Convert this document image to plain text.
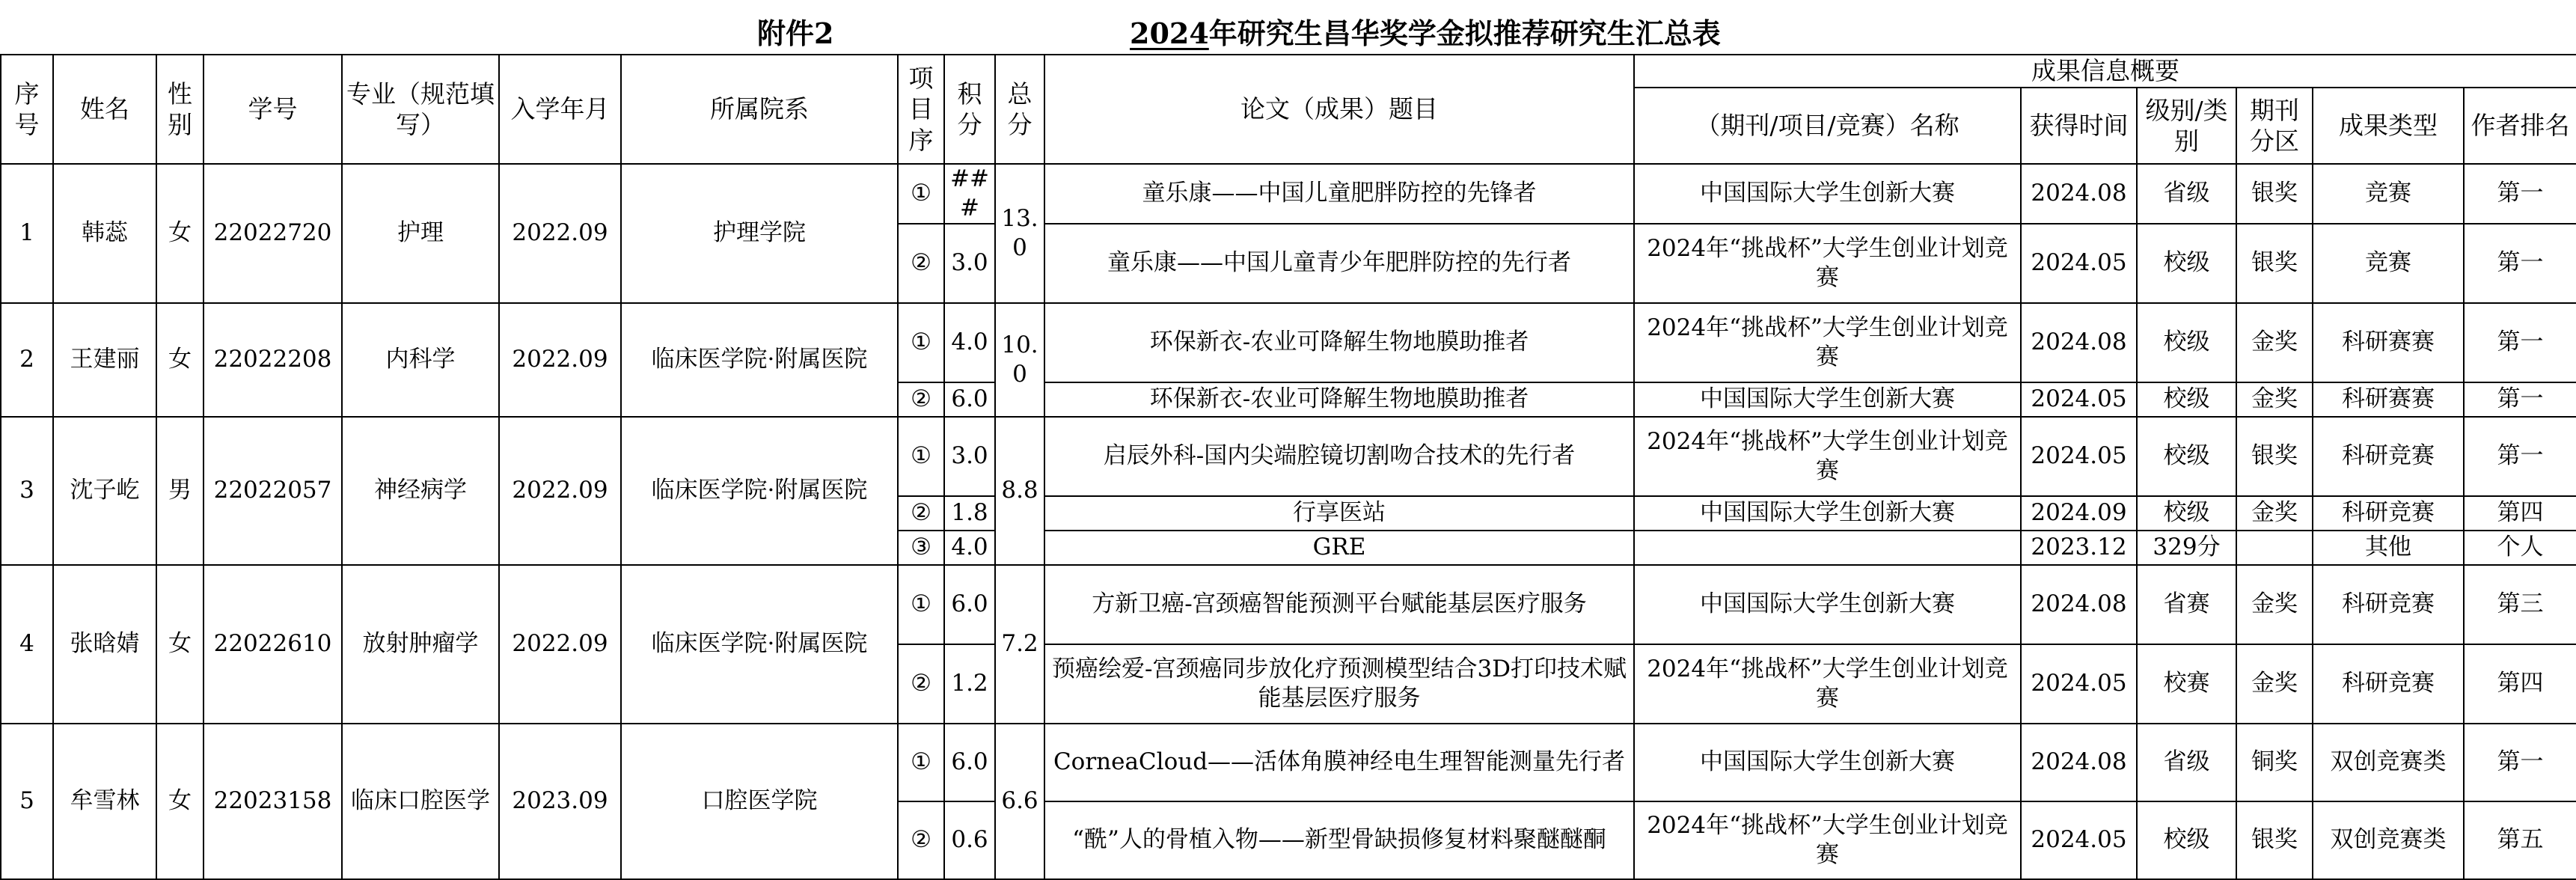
附件2	2024年研究生昌华奖学金拟推荐研究生汇总表
序号	姓名	性别	学号	专业（规范填写）	入学年月	所属院系	项目序	积分	总分	论文（成果）题目	成果信息概要					
											（期刊/项目/竞赛）名称	获得时间	级别/类别	期刊分区	成果类型	作者排名
1	韩蕊	女	22022720	护理	2022.09	护理学院	①	###	13.0	童乐康——中国儿童肥胖防控的先锋者	中国国际大学生创新大赛	2024.08	省级	银奖	竞赛	第一
							②	3.0		童乐康——中国儿童青少年肥胖防控的先行者	2024年“挑战杯”大学生创业计划竞赛	2024.05	校级	银奖	竞赛	第一
2	王建丽	女	22022208	内科学	2022.09	临床医学院·附属医院	①	4.0	10.0	环保新衣-农业可降解生物地膜助推者	2024年“挑战杯”大学生创业计划竞赛	2024.08	校级	金奖	科研赛赛	第一
							②	6.0		环保新衣-农业可降解生物地膜助推者	中国国际大学生创新大赛	2024.05	校级	金奖	科研赛赛	第一
3	沈子屹	男	22022057	神经病学	2022.09	临床医学院·附属医院	①	3.0	8.8	启辰外科-国内尖端腔镜切割吻合技术的先行者	2024年“挑战杯”大学生创业计划竞赛	2024.05	校级	银奖	科研竞赛	第一
							②	1.8		行享医站	中国国际大学生创新大赛	2024.09	校级	金奖	科研竞赛	第四
							③	4.0		GRE		2023.12	329分		其他	个人
4	张晗婧	女	22022610	放射肿瘤学	2022.09	临床医学院·附属医院	①	6.0	7.2	方新卫癌-宫颈癌智能预测平台赋能基层医疗服务	中国国际大学生创新大赛	2024.08	省赛	金奖	科研竞赛	第三
							②	1.2		预癌绘爱-宫颈癌同步放化疗预测模型结合3D打印技术赋能基层医疗服务	2024年“挑战杯”大学生创业计划竞赛	2024.05	校赛	金奖	科研竞赛	第四
5	牟雪林	女	22023158	临床口腔医学	2023.09	口腔医学院	①	6.0	6.6	CorneaCloud——活体角膜神经电生理智能测量先行者	中国国际大学生创新大赛	2024.08	省级	铜奖	双创竞赛类	第一
							②	0.6		“酰”人的骨植入物——新型骨缺损修复材料聚醚醚酮	2024年“挑战杯”大学生创业计划竞赛	2024.05	校级	银奖	双创竞赛类	第五
